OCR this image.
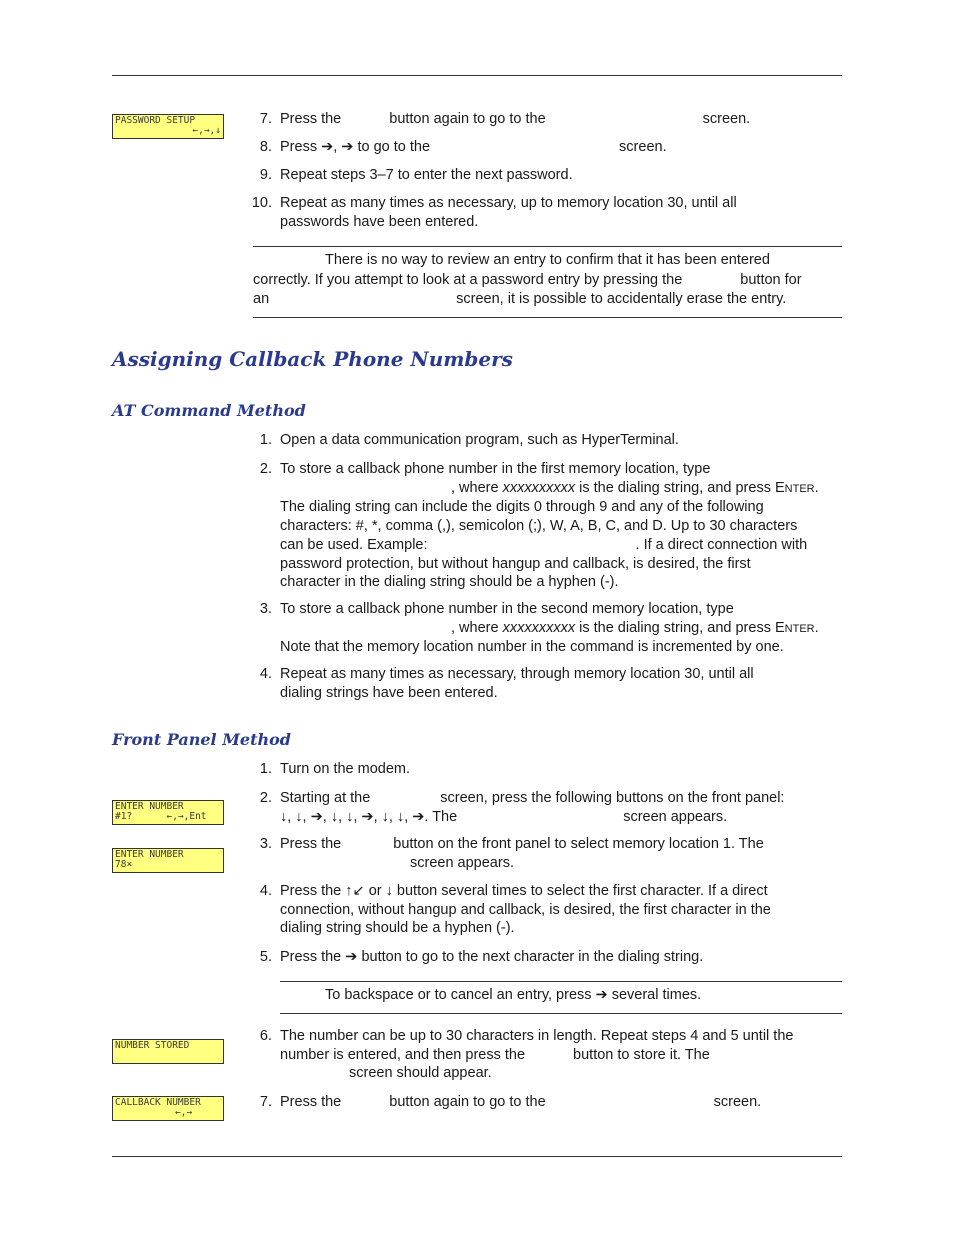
PASSWORD SETUP
←,→,↓
7. Press the	button again to go to the	screen.
8. Press ➔, ➔ to go to the	screen.
9. Repeat steps 3–7 to enter the next password.
10. Repeat as many times as necessary, up to memory location 30, until all
passwords have been entered.
There is no way to review an entry to confirm that it has been entered
correctly. If you attempt to look at a password entry by pressing the	button for
an	screen, it is possible to accidentally erase the entry.
Assigning Callback Phone Numbers
AT Command Method
1. Open a data communication program, such as HyperTerminal.
2. To store a callback phone number in the first memory location, type
, where xxxxxxxxxx is the dialing string, and press ENTER.
The dialing string can include the digits 0 through 9 and any of the following
characters: #, *, comma (,), semicolon (;), W, A, B, C, and D. Up to 30 characters
can be used. Example:	. If a direct connection with
password protection, but without hangup and callback, is desired, the first
character in the dialing string should be a hyphen (-).
3. To store a callback phone number in the second memory location, type
, where xxxxxxxxxx is the dialing string, and press ENTER.
Note that the memory location number in the command is incremented by one.
4. Repeat as many times as necessary, through memory location 30, until all
dialing strings have been entered.
Front Panel Method
1. Turn on the modem.
ENTER NUMBER
#1?      ←,→,Ent
2. Starting at the	screen, press the following buttons on the front panel:
↓, ↓, ➔, ↓, ↓, ➔, ↓, ↓, ➔. The	screen appears.
ENTER NUMBER
78×
3. Press the	button on the front panel to select memory location 1. The
screen appears.
4. Press the ↑↙ or ↓ button several times to select the first character. If a direct
connection, without hangup and callback, is desired, the first character in the
dialing string should be a hyphen (-).
5. Press the ➔ button to go to the next character in the dialing string.
To backspace or to cancel an entry, press ➔ several times.
NUMBER STORED
6. The number can be up to 30 characters in length. Repeat steps 4 and 5 until the
number is entered, and then press the	button to store it. The
screen should appear.
CALLBACK NUMBER
←,→
7. Press the	button again to go to the	screen.
